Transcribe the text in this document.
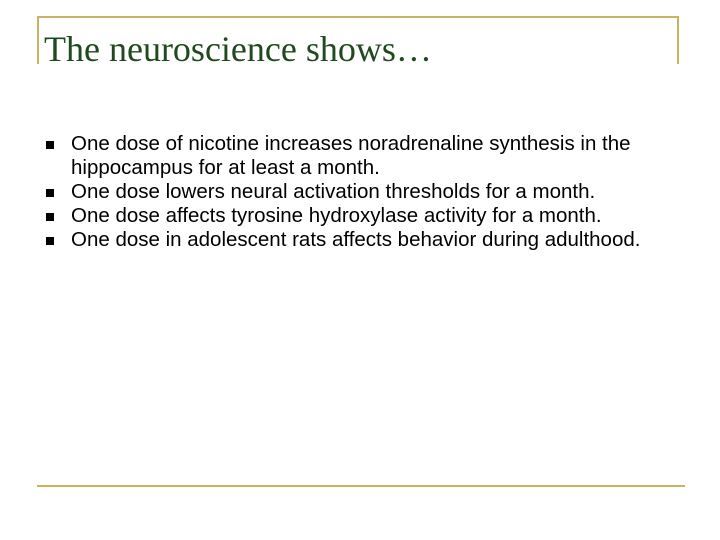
The neuroscience shows…
One dose of nicotine increases noradrenaline synthesis in the hippocampus for at least a month.
One dose lowers neural activation thresholds for a month.
One dose affects tyrosine hydroxylase activity for a month.
One dose in adolescent rats affects behavior during adulthood.
